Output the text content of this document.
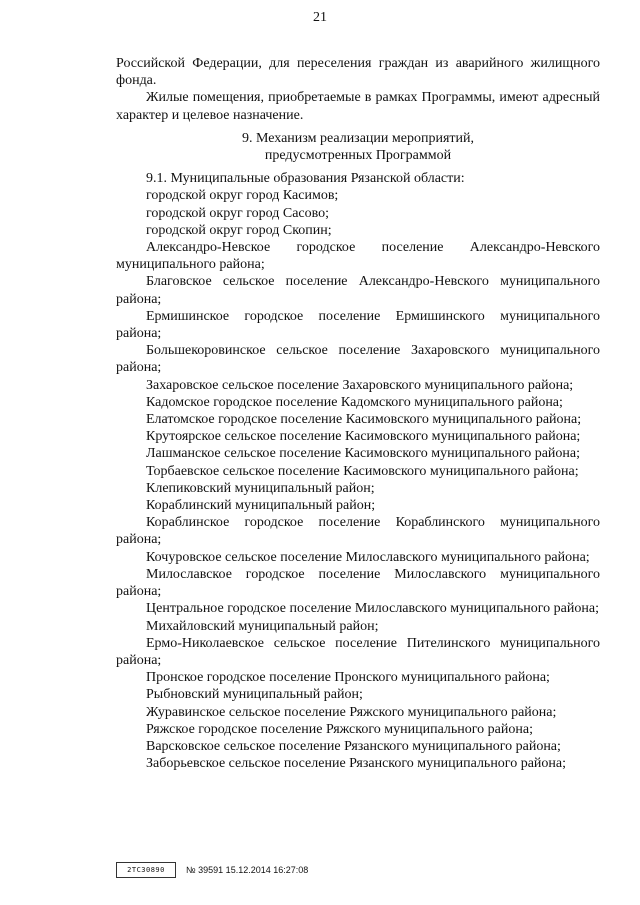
21

Российской Федерации, для переселения граждан из аварийного жилищного фонда.

Жилые помещения, приобретаемые в рамках Программы, имеют адресный характер и целевое назначение.

9. Механизм реализации мероприятий,
предусмотренных Программой

9.1. Муниципальные образования Рязанской области:

городской округ город Касимов;

городской округ город Сасово;

городской округ город Скопин;

Александро-Невское городское поселение Александро-Невского муниципального района;

Благовское сельское поселение Александро-Невского муниципального района;

Ермишинское городское поселение Ермишинского муниципального района;

Большекоровинское сельское поселение Захаровского муниципального района;

Захаровское сельское поселение Захаровского муниципального района;

Кадомское городское поселение Кадомского муниципального района;

Елатомское городское поселение Касимовского муниципального района;

Крутоярское сельское поселение Касимовского муниципального района;

Лашманское сельское поселение Касимовского муниципального района;

Торбаевское сельское поселение Касимовского муниципального района;

Клепиковский муниципальный район;

Кораблинский муниципальный район;

Кораблинское городское поселение Кораблинского муниципального района;

Кочуровское сельское поселение Милославского муниципального района;

Милославское городское поселение Милославского муниципального района;

Центральное городское поселение Милославского муниципального района;

Михайловский муниципальный район;

Ермо-Николаевское сельское поселение Пителинского муниципального района;

Пронское городское поселение Пронского муниципального района;

Рыбновский муниципальный район;

Журавинское сельское поселение Ряжского муниципального района;

Ряжское городское поселение Ряжского муниципального района;

Варсковское сельское поселение Рязанского муниципального района;

Заборьевское сельское поселение Рязанского муниципального района;

2TC30890	№ 39591 15.12.2014 16:27:08
